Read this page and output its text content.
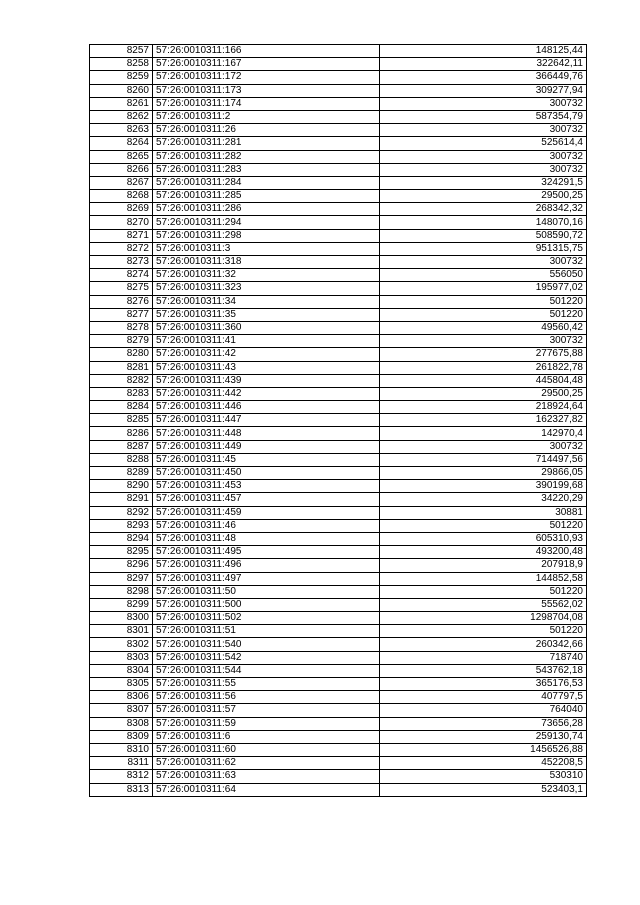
8257	57:26:0010311:166	148125,44
8258	57:26:0010311:167	322642,11
8259	57:26:0010311:172	366449,76
8260	57:26:0010311:173	309277,94
8261	57:26:0010311:174	300732
8262	57:26:0010311:2	587354,79
8263	57:26:0010311:26	300732
8264	57:26:0010311:281	525614,4
8265	57:26:0010311:282	300732
8266	57:26:0010311:283	300732
8267	57:26:0010311:284	324291,5
8268	57:26:0010311:285	29500,25
8269	57:26:0010311:286	268342,32
8270	57:26:0010311:294	148070,16
8271	57:26:0010311:298	508590,72
8272	57:26:0010311:3	951315,75
8273	57:26:0010311:318	300732
8274	57:26:0010311:32	556050
8275	57:26:0010311:323	195977,02
8276	57:26:0010311:34	501220
8277	57:26:0010311:35	501220
8278	57:26:0010311:360	49560,42
8279	57:26:0010311:41	300732
8280	57:26:0010311:42	277675,88
8281	57:26:0010311:43	261822,78
8282	57:26:0010311:439	445804,48
8283	57:26:0010311:442	29500,25
8284	57:26:0010311:446	218924,64
8285	57:26:0010311:447	162327,82
8286	57:26:0010311:448	142970,4
8287	57:26:0010311:449	300732
8288	57:26:0010311:45	714497,56
8289	57:26:0010311:450	29866,05
8290	57:26:0010311:453	390199,68
8291	57:26:0010311:457	34220,29
8292	57:26:0010311:459	30881
8293	57:26:0010311:46	501220
8294	57:26:0010311:48	605310,93
8295	57:26:0010311:495	493200,48
8296	57:26:0010311:496	207918,9
8297	57:26:0010311:497	144852,58
8298	57:26:0010311:50	501220
8299	57:26:0010311:500	55562,02
8300	57:26:0010311:502	1298704,08
8301	57:26:0010311:51	501220
8302	57:26:0010311:540	260342,66
8303	57:26:0010311:542	718740
8304	57:26:0010311:544	543762,18
8305	57:26:0010311:55	365176,53
8306	57:26:0010311:56	407797,5
8307	57:26:0010311:57	764040
8308	57:26:0010311:59	73656,28
8309	57:26:0010311:6	259130,74
8310	57:26:0010311:60	1456526,88
8311	57:26:0010311:62	452208,5
8312	57:26:0010311:63	530310
8313	57:26:0010311:64	523403,1
